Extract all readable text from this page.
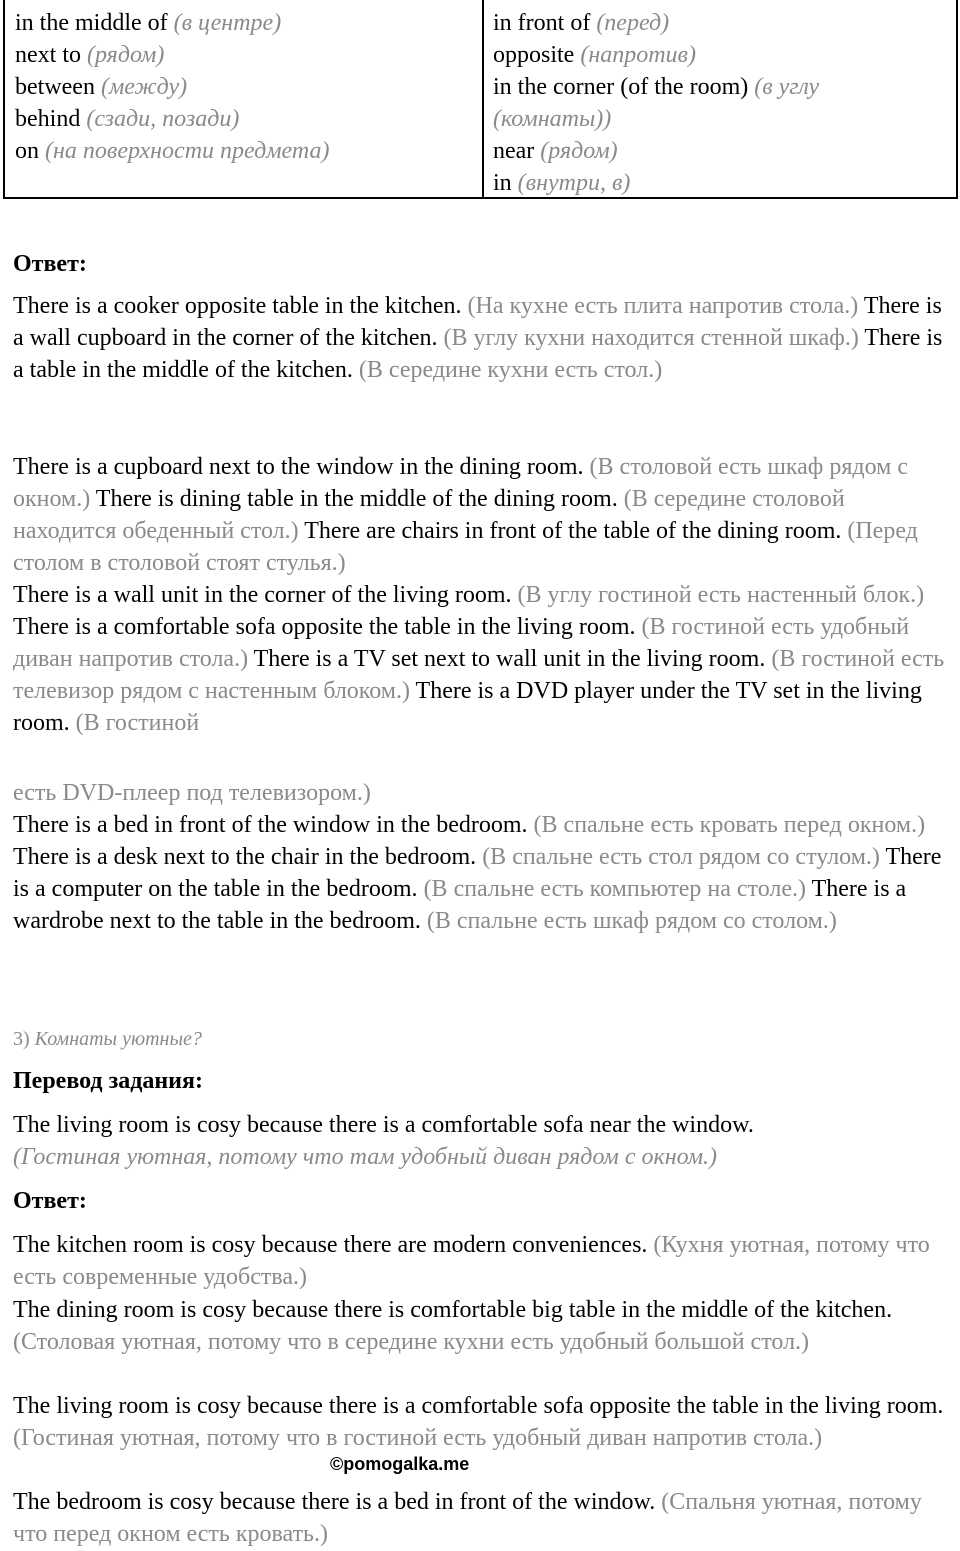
in the middle of (в центре)
next to (рядом)
between (между)
behind (сзади, позади)
on (на поверхности предмета)
in front of (перед)
opposite (напротив)
in the corner (of the room) (в углу
(комнаты))
near (рядом)
in (внутри, в)
Ответ:
There is a cooker opposite table in the kitchen. (На кухне есть плита напротив стола.) There is a wall cupboard in the corner of the kitchen. (В углу кухни находится стенной шкаф.) There is a table in the middle of the kitchen. (В середине кухни есть стол.)
There is a cupboard next to the window in the dining room. (В столовой есть шкаф рядом с окном.) There is dining table in the middle of the dining room. (В середине столовой находится обеденный стол.) There are chairs in front of the table of the dining room. (Перед столом в столовой стоят стулья.)
There is a wall unit in the corner of the living room. (В углу гостиной есть настенный блок.) There is a comfortable sofa opposite the table in the living room. (В гостиной есть удобный диван напротив стола.) There is a TV set next to wall unit in the living room. (В гостиной есть телевизор рядом с настенным блоком.) There is a DVD player under the TV set in the living room. (В гостиной
есть DVD-плеер под телевизором.)
There is a bed in front of the window in the bedroom. (В спальне есть кровать перед окном.) There is a desk next to the chair in the bedroom. (В спальне есть стол рядом со стулом.) There is a computer on the table in the bedroom. (В спальне есть компьютер на столе.) There is a wardrobe next to the table in the bedroom. (В спальне есть шкаф рядом со столом.)
3) Комнаты уютные?
Перевод задания:
The living room is cosy because there is a comfortable sofa near the window.
(Гостиная уютная, потому что там удобный диван рядом с окном.)
Ответ:
The kitchen room is cosy because there are modern conveniences. (Кухня уютная, потому что есть современные удобства.)
The dining room is cosy because there is comfortable big table in the middle of the kitchen. (Столовая уютная, потому что в середине кухни есть удобный большой стол.)
The living room is cosy because there is a comfortable sofa opposite the table in the living room. (Гостиная уютная, потому что в гостиной есть удобный диван напротив стола.)
The bedroom is cosy because there is a bed in front of the window. (Спальня уютная, потому что перед окном есть кровать.)
©pomogalka.me
